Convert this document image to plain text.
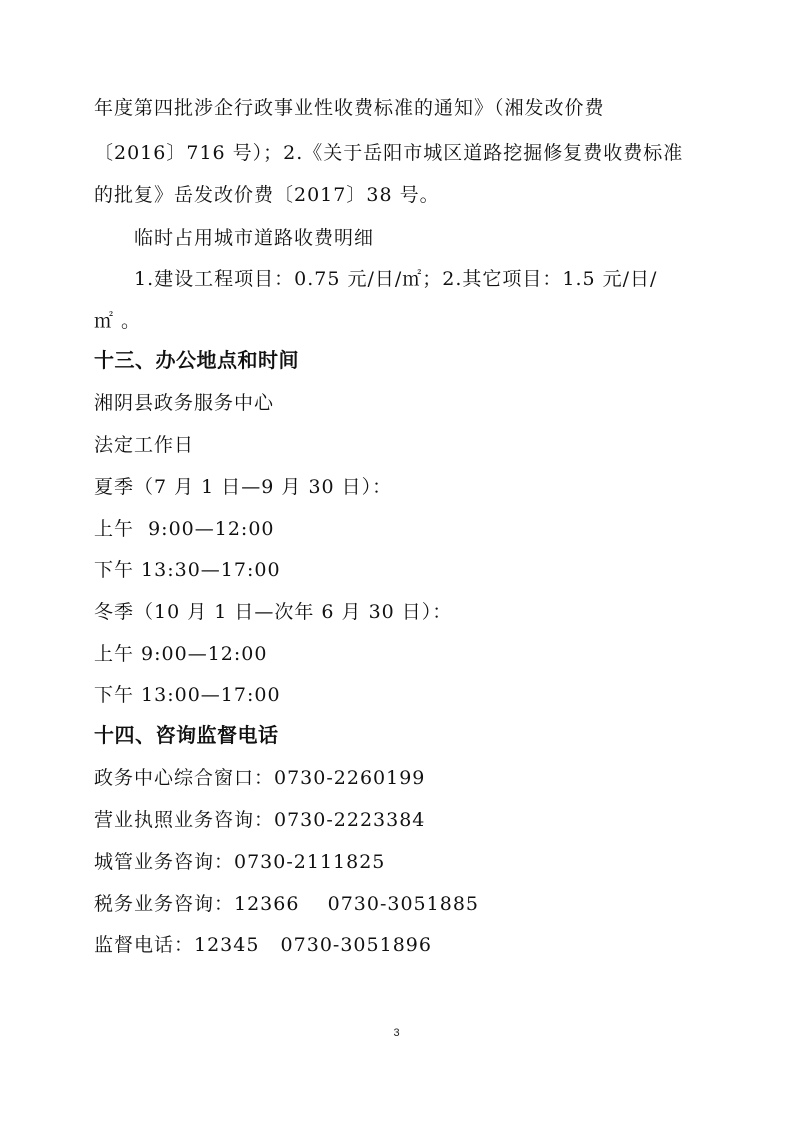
年度第四批涉企行政事业性收费标准的通知》（湘发改价费
〔2016〕716 号）；2.《关于岳阳市城区道路挖掘修复费收费标准
的批复》岳发改价费〔2017〕38 号。
临时占用城市道路收费明细
1.建设工程项目：0.75 元/日/㎡；2.其它项目：1.5 元/日/
㎡ 。
十三、办公地点和时间
湘阴县政务服务中心
法定工作日
夏季（7 月 1 日—9 月 30 日）：
上午  9:00—12:00
下午 13:30—17:00
冬季（10 月 1 日—次年 6 月 30 日）：
上午 9:00—12:00
下午 13:00—17:00
十四、咨询监督电话
政务中心综合窗口：0730-2260199
营业执照业务咨询：0730-2223384
城管业务咨询：0730-2111825
税务业务咨询：12366    0730-3051885
监督电话：12345   0730-3051896
3
